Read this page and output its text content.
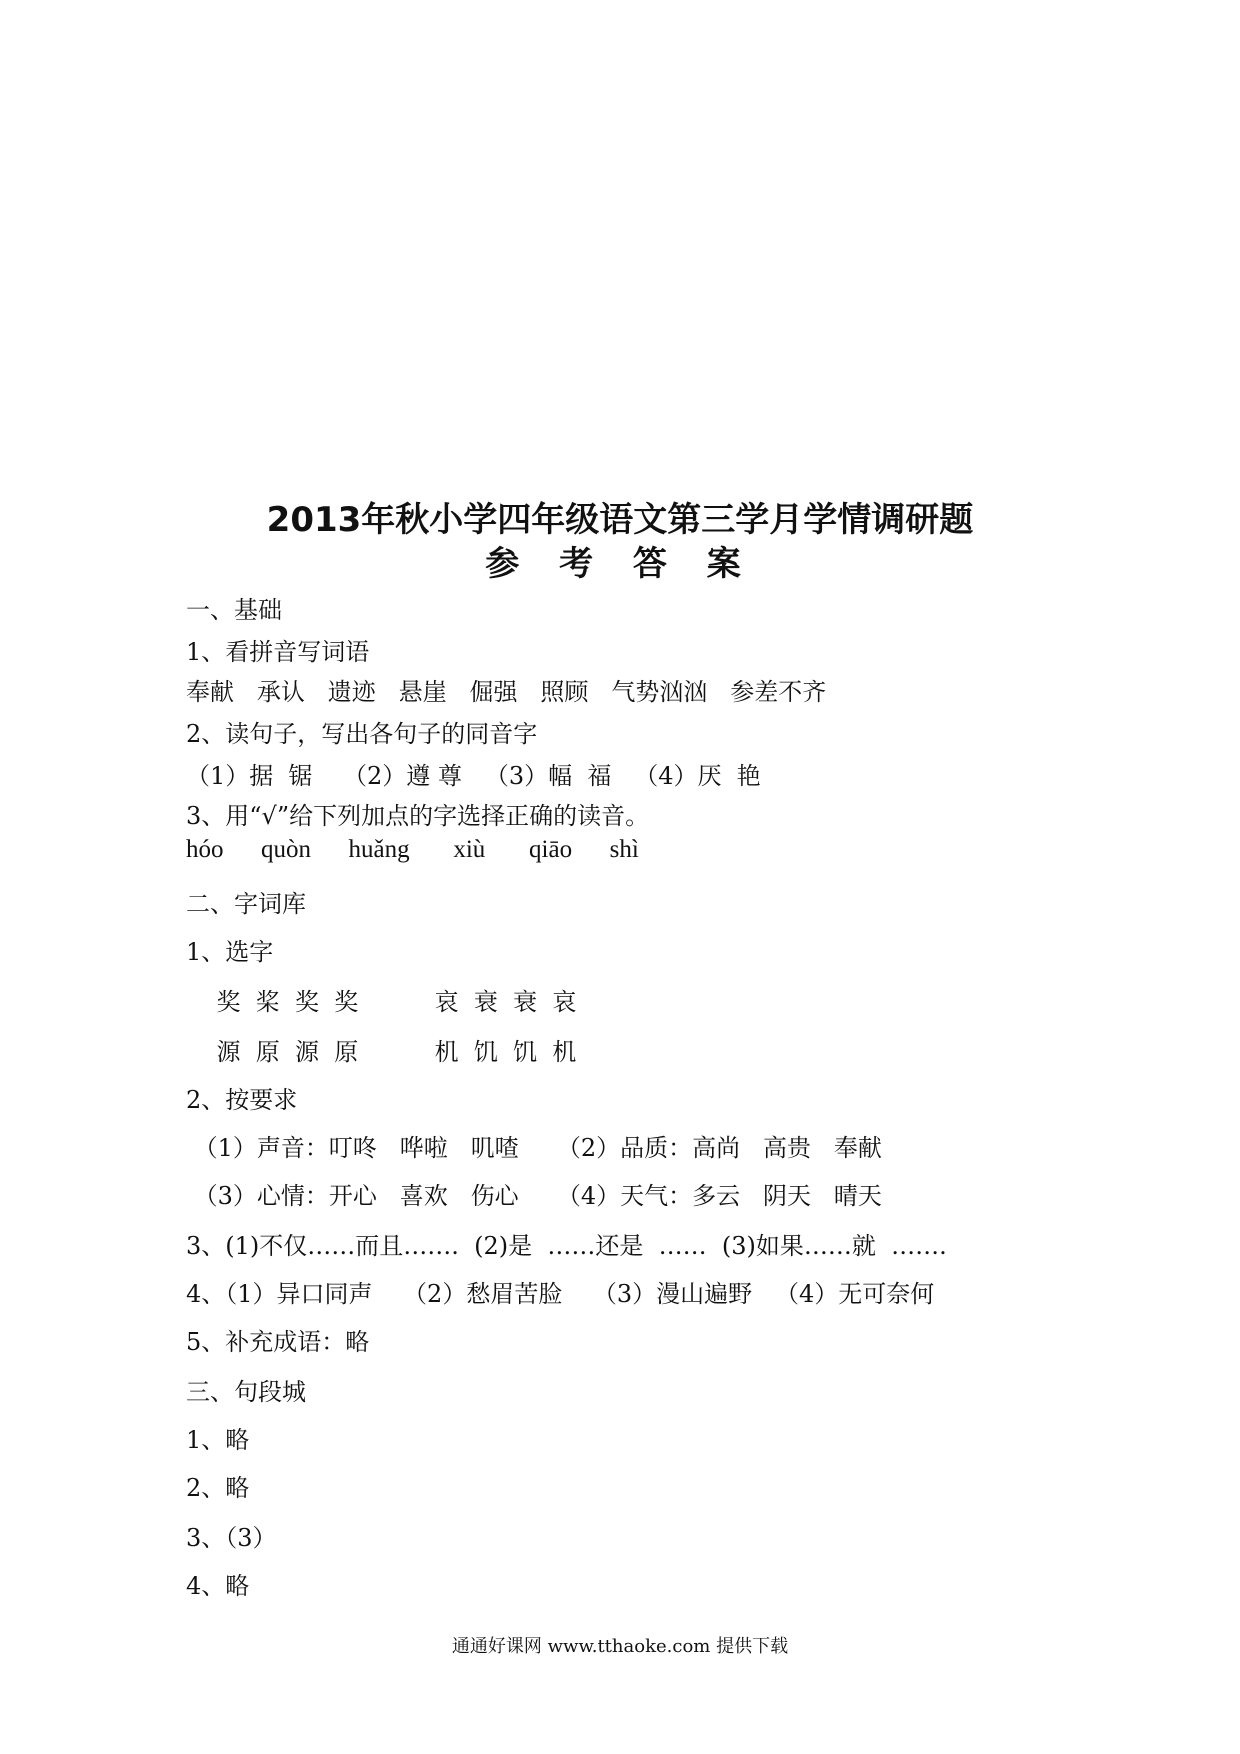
2013年秋小学四年级语文第三学月学情调研题
参 考 答 案
一、基础
1、看拼音写词语
奉献   承认   遗迹   悬崖   倔强   照顾   气势汹汹   参差不齐
2、读句子，写出各句子的同音字
（1）据  锯    （2）遵 尊   （3）幅  福   （4）厌  艳
3、用“√”给下列加点的字选择正确的读音。
hóo      quòn      huǎng       xiù       qiāo      shì
二、字词库
1、选字
奖  桨  奖  奖          哀  衰  衰  哀
源  原  源  原          机  饥  饥  机
2、按要求
（1）声音：叮咚   哗啦   叽喳     （2）品质：高尚   高贵   奉献
（3）心情：开心   喜欢   伤心     （4）天气：多云   阴天   晴天
3、(1)不仅……而且…….  (2)是  ……还是  ……  (3)如果……就  …….
4、（1）异口同声    （2）愁眉苦脸    （3）漫山遍野   （4）无可奈何
5、补充成语：略
三、句段城
1、略
2、略
3、（3）
4、略
通通好课网 www.tthaoke.com 提供下载
